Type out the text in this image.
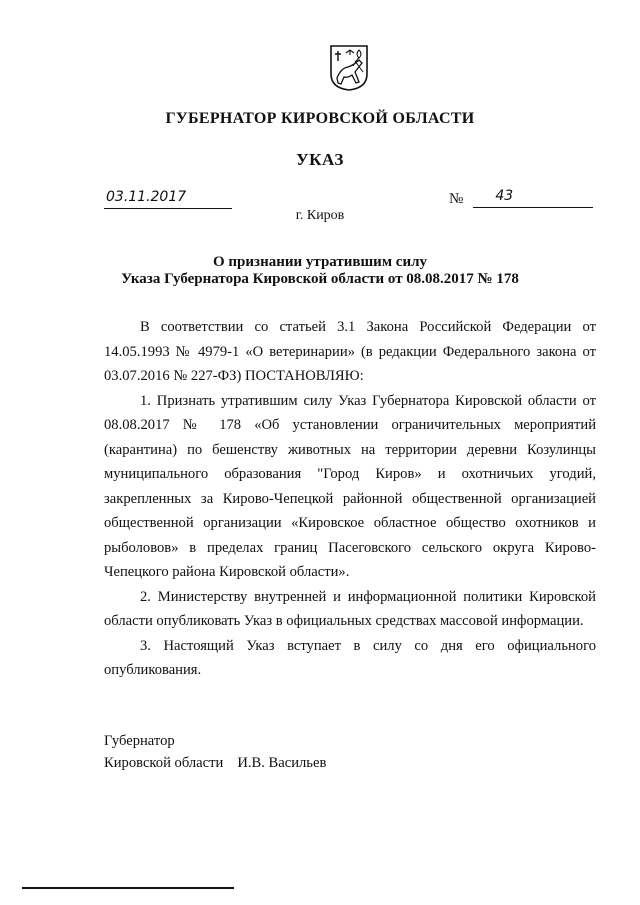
ГУБЕРНАТОР КИРОВСКОЙ ОБЛАСТИ
УКАЗ
03.11.2017	№ 43
г. Киров
О признании утратившим силу
Указа Губернатора Кировской области от 08.08.2017 № 178

В соответствии со статьей 3.1 Закона Российской Федерации от 14.05.1993 № 4979-1 «О ветеринарии» (в редакции Федерального закона от 03.07.2016 № 227-ФЗ) ПОСТАНОВЛЯЮ:

1. Признать утратившим силу Указ Губернатора Кировской области от 08.08.2017 № 178 «Об установлении ограничительных мероприятий (карантина) по бешенству животных на территории деревни Козулинцы муниципального образования "Город Киров» и охотничьих угодий, закрепленных за Кирово-Чепецкой районной общественной организацией общественной организации «Кировское областное общество охотников и рыболовов» в пределах границ Пасеговского сельского округа Кирово-Чепецкого района Кировской области».

2. Министерству внутренней и информационной политики Кировской области опубликовать Указ в официальных средствах массовой информации.

3. Настоящий Указ вступает в силу со дня его официального опубликования.

Губернатор
Кировской области И.В. Васильев
